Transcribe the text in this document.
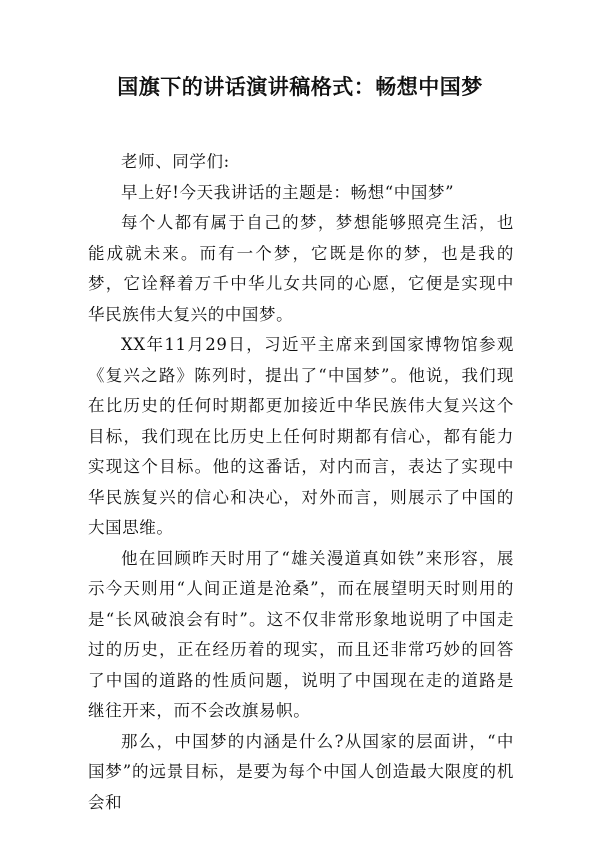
国旗下的讲话演讲稿格式：畅想中国梦

老师、同学们:

早上好!今天我讲话的主题是：畅想“中国梦”

每个人都有属于自己的梦，梦想能够照亮生活，也能成就未来。而有一个梦，它既是你的梦，也是我的梦，它诠释着万千中华儿女共同的心愿，它便是实现中华民族伟大复兴的中国梦。

XX年11月29日，习近平主席来到国家博物馆参观《复兴之路》陈列时，提出了“中国梦”。他说，我们现在比历史的任何时期都更加接近中华民族伟大复兴这个目标，我们现在比历史上任何时期都有信心，都有能力实现这个目标。他的这番话，对内而言，表达了实现中华民族复兴的信心和决心，对外而言，则展示了中国的大国思维。

他在回顾昨天时用了“雄关漫道真如铁”来形容，展示今天则用“人间正道是沧桑”，而在展望明天时则用的是“长风破浪会有时”。这不仅非常形象地说明了中国走过的历史，正在经历着的现实，而且还非常巧妙的回答了中国的道路的性质问题，说明了中国现在走的道路是继往开来，而不会改旗易帜。

那么，中国梦的内涵是什么?从国家的层面讲，“中国梦”的远景目标，是要为每个中国人创造最大限度的机会和
